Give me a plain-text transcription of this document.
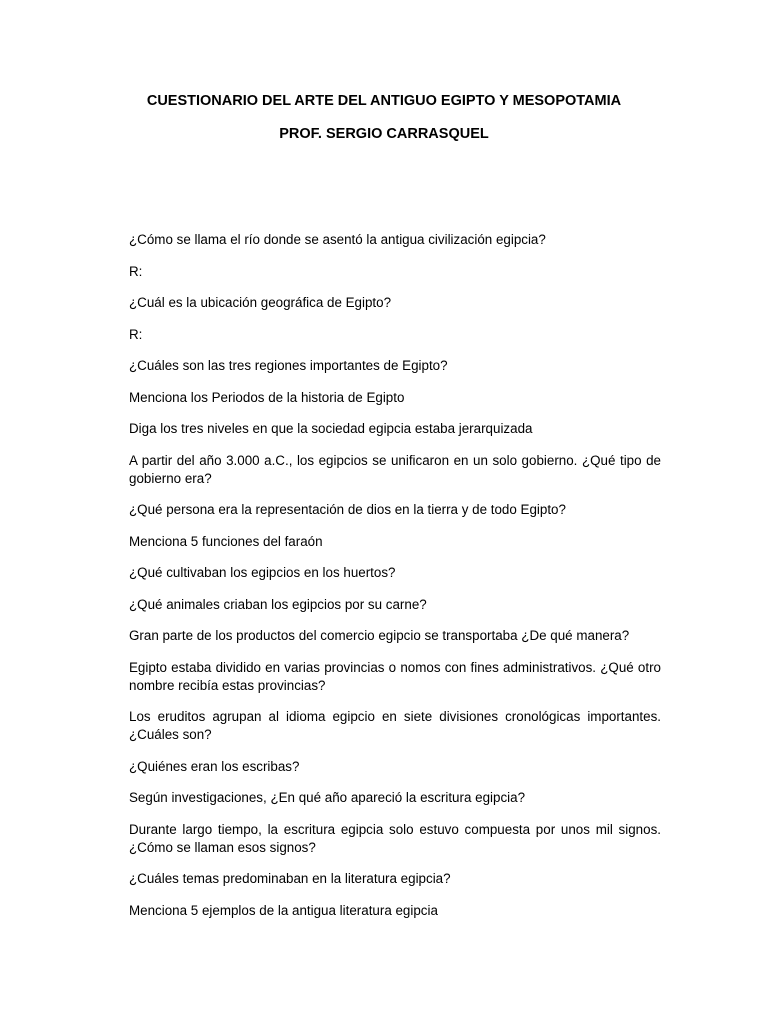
CUESTIONARIO DEL ARTE DEL ANTIGUO EGIPTO Y MESOPOTAMIA
PROF. SERGIO CARRASQUEL
¿Cómo se llama el río donde se asentó la antigua civilización egipcia?
R:
¿Cuál es la ubicación geográfica de Egipto?
R:
¿Cuáles son las tres regiones importantes de Egipto?
Menciona los Periodos de la historia de Egipto
Diga los tres niveles en que la sociedad egipcia estaba jerarquizada
A partir del año 3.000 a.C., los egipcios se unificaron en un solo gobierno. ¿Qué tipo de gobierno era?
¿Qué persona era la representación de dios en la tierra y de todo Egipto?
Menciona 5 funciones del faraón
¿Qué cultivaban los egipcios en los huertos?
¿Qué animales criaban los egipcios por su carne?
Gran parte de los productos del comercio egipcio se transportaba ¿De qué manera?
Egipto estaba dividido en varias provincias o nomos con fines administrativos. ¿Qué otro nombre recibía estas provincias?
Los eruditos agrupan al idioma egipcio en siete divisiones cronológicas importantes. ¿Cuáles son?
¿Quiénes eran los escribas?
Según investigaciones, ¿En qué año apareció la escritura egipcia?
Durante largo tiempo, la escritura egipcia solo estuvo compuesta por unos mil signos. ¿Cómo se llaman esos signos?
¿Cuáles temas predominaban en la literatura egipcia?
Menciona 5 ejemplos de la antigua literatura egipcia
